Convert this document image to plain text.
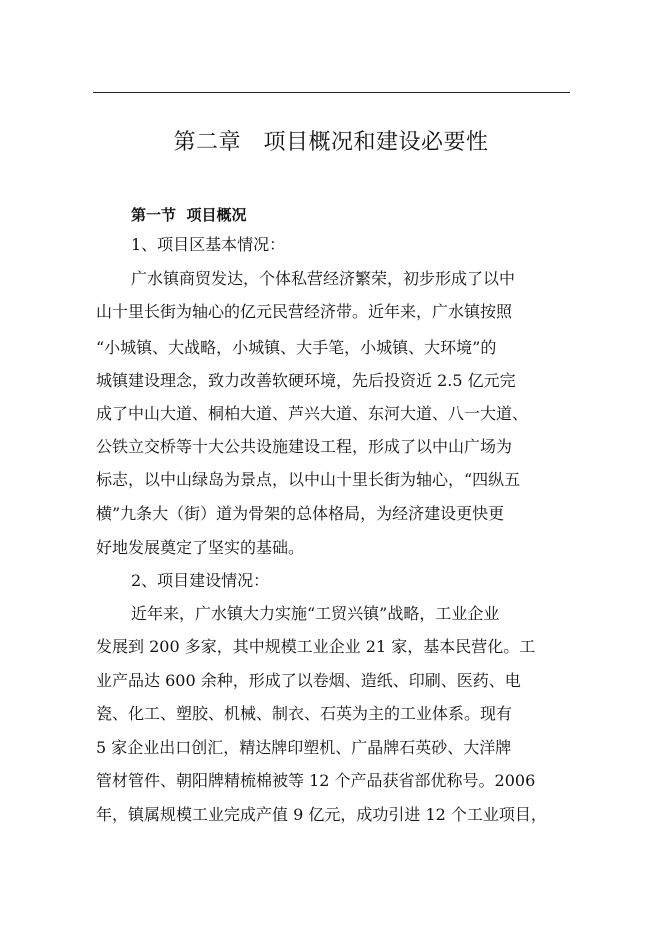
第二章   项目概况和建设必要性
第一节  项目概况
1、项目区基本情况：
广水镇商贸发达，个体私营经济繁荣，初步形成了以中
山十里长街为轴心的亿元民营经济带。近年来，广水镇按照
“小城镇、大战略，小城镇、大手笔，小城镇、大环境”的
城镇建设理念，致力改善软硬环境，先后投资近 2.5 亿元完
成了中山大道、桐柏大道、芦兴大道、东河大道、八一大道、
公铁立交桥等十大公共设施建设工程，形成了以中山广场为
标志，以中山绿岛为景点，以中山十里长街为轴心，“四纵五
横”九条大（街）道为骨架的总体格局，为经济建设更快更
好地发展奠定了坚实的基础。
2、项目建设情况：
近年来，广水镇大力实施“工贸兴镇”战略，工业企业
发展到 200 多家，其中规模工业企业 21 家，基本民营化。工
业产品达 600 余种，形成了以卷烟、造纸、印刷、医药、电
瓷、化工、塑胶、机械、制衣、石英为主的工业体系。现有
5 家企业出口创汇，精达牌印塑机、广晶牌石英砂、大洋牌
管材管件、朝阳牌精梳棉被等 12 个产品获省部优称号。2006
年，镇属规模工业完成产值 9 亿元，成功引进 12 个工业项目，
